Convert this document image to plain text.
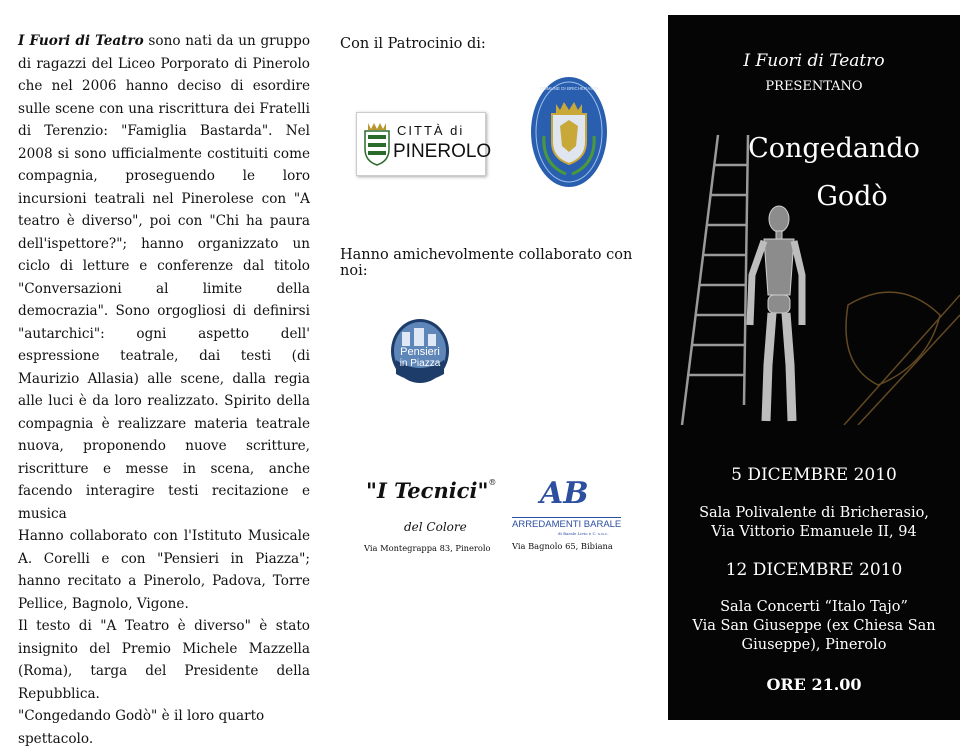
I Fuori di Teatro sono nati da un gruppo di ragazzi del Liceo Porporato di Pinerolo che nel 2006 hanno deciso di esordire sulle scene con una riscrittura dei Fratelli di Terenzio: "Famiglia Bastarda". Nel 2008 si sono ufficialmente costituiti come compagnia, proseguendo le loro incursioni teatrali nel Pinerolese con "A teatro è diverso", poi con "Chi ha paura dell'ispettore?"; hanno organizzato un ciclo di letture e conferenze dal titolo "Conversazioni al limite della democrazia". Sono orgogliosi di definirsi "autarchici": ogni aspetto dell' espressione teatrale, dai testi (di Maurizio Allasia) alle scene, dalla regia alle luci è da loro realizzato. Spirito della compagnia è realizzare materia teatrale nuova, proponendo nuove scritture, riscritture e messe in scena, anche facendo interagire testi recitazione e musica

Hanno collaborato con l'Istituto Musicale A. Corelli e con "Pensieri in Piazza"; hanno recitato a Pinerolo, Padova, Torre Pellice, Bagnolo, Vigone.

Il testo di "A Teatro è diverso" è stato insignito del Premio Michele Mazzella (Roma), targa del Presidente della Repubblica.

"Congedando Godò" è il loro quarto spettacolo.

Con il Patrocinio di:
CITTÀ di
PINEROLO
COMUNE DI BRICHERASIO
Hanno amichevolmente collaborato con noi:
Pensieri
in Piazza
"I Tecnici"®
del Colore
Via Montegrappa 83, Pinerolo
AB
ARREDAMENTI BARALE
di Barale Livio e C. s.n.c.
Via Bagnolo 65, Bibiana
I Fuori di Teatro
PRESENTANO
Congedando
Godò
5 DICEMBRE 2010
Sala Polivalente di Bricherasio,
Via Vittorio Emanuele II, 94
12 DICEMBRE 2010
Sala Concerti “Italo Tajo”
Via San Giuseppe (ex Chiesa San
Giuseppe), Pinerolo
ORE 21.00
